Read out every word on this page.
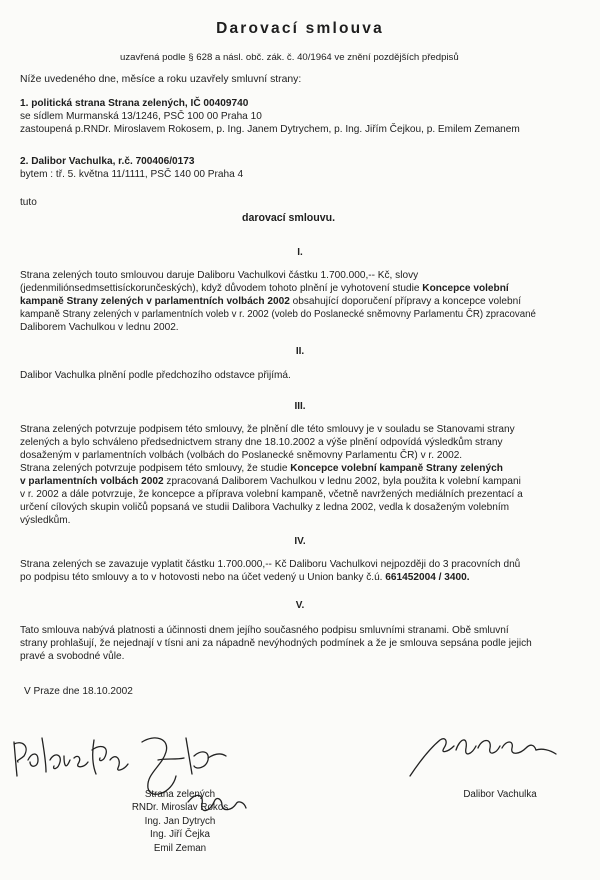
Darovací smlouva
uzavřená podle § 628 a násl. obč. zák. č. 40/1964 ve znění pozdějších předpisů
Níže uvedeného dne, měsíce a roku uzavřely smluvní strany:
1. politická strana Strana zelených, IČ 00409740
se sídlem Murmanská 13/1246, PSČ 100 00 Praha 10
zastoupená p.RNDr. Miroslavem Rokosem, p. Ing. Janem Dytrychem, p. Ing. Jiřím Čejkou, p. Emilem Zemanem
2. Dalibor Vachulka, r.č. 700406/0173
bytem : tř. 5. května 11/1111, PSČ 140 00 Praha 4
tuto
darovací smlouvu.
I.
Strana zelených touto smlouvou daruje Daliboru Vachulkovi částku 1.700.000,-- Kč, slovy
(jedenmiliónsedmsettisíckorunčeských), když důvodem tohoto plnění je vyhotovení studie Koncepce volební
kampaně Strany zelených v parlamentních volbách 2002 obsahující doporučení přípravy a koncepce volební
kampaně Strany zelených v parlamentních voleb v r. 2002 (voleb do Poslanecké sněmovny Parlamentu ČR) zpracované
Daliborem Vachulkou v lednu 2002.
II.
Dalibor Vachulka plnění podle předchozího odstavce přijímá.
III.
Strana zelených potvrzuje podpisem této smlouvy, že plnění dle této smlouvy je v souladu se Stanovami strany
zelených a bylo schváleno předsednictvem strany dne 18.10.2002 a výše plnění odpovídá výsledkům strany
dosaženým v parlamentních volbách (volbách do Poslanecké sněmovny Parlamentu ČR) v r. 2002.
Strana zelených potvrzuje podpisem této smlouvy, že studie Koncepce volební kampaně Strany zelených
v parlamentních volbách 2002 zpracovaná Daliborem Vachulkou v lednu 2002, byla použita k volební kampani
v r. 2002 a dále potvrzuje, že koncepce a příprava volební kampaně, včetně navržených mediálních prezentací a
určení cílových skupin voličů popsaná ve studii Dalibora Vachulky z ledna 2002, vedla k dosaženým volebním
výsledkům.
IV.
Strana zelených se zavazuje vyplatit částku 1.700.000,-- Kč Daliboru Vachulkovi nejpozději do 3 pracovních dnů
po podpisu této smlouvy a to v hotovosti nebo na účet vedený u Union banky č.ú. 661452004 / 3400.
V.
Tato smlouva nabývá platnosti a účinnosti dnem jejího současného podpisu smluvními stranami. Obě smluvní
strany prohlašují, že nejednají v tísni ani za nápadně nevýhodných podmínek a že je smlouva sepsána podle jejich
pravé a svobodné vůle.
V Praze dne 18.10.2002
Strana zelených
RNDr. Miroslav Rokos
Ing. Jan Dytrych
Ing. Jiří Čejka
Emil Zeman
Dalibor Vachulka
